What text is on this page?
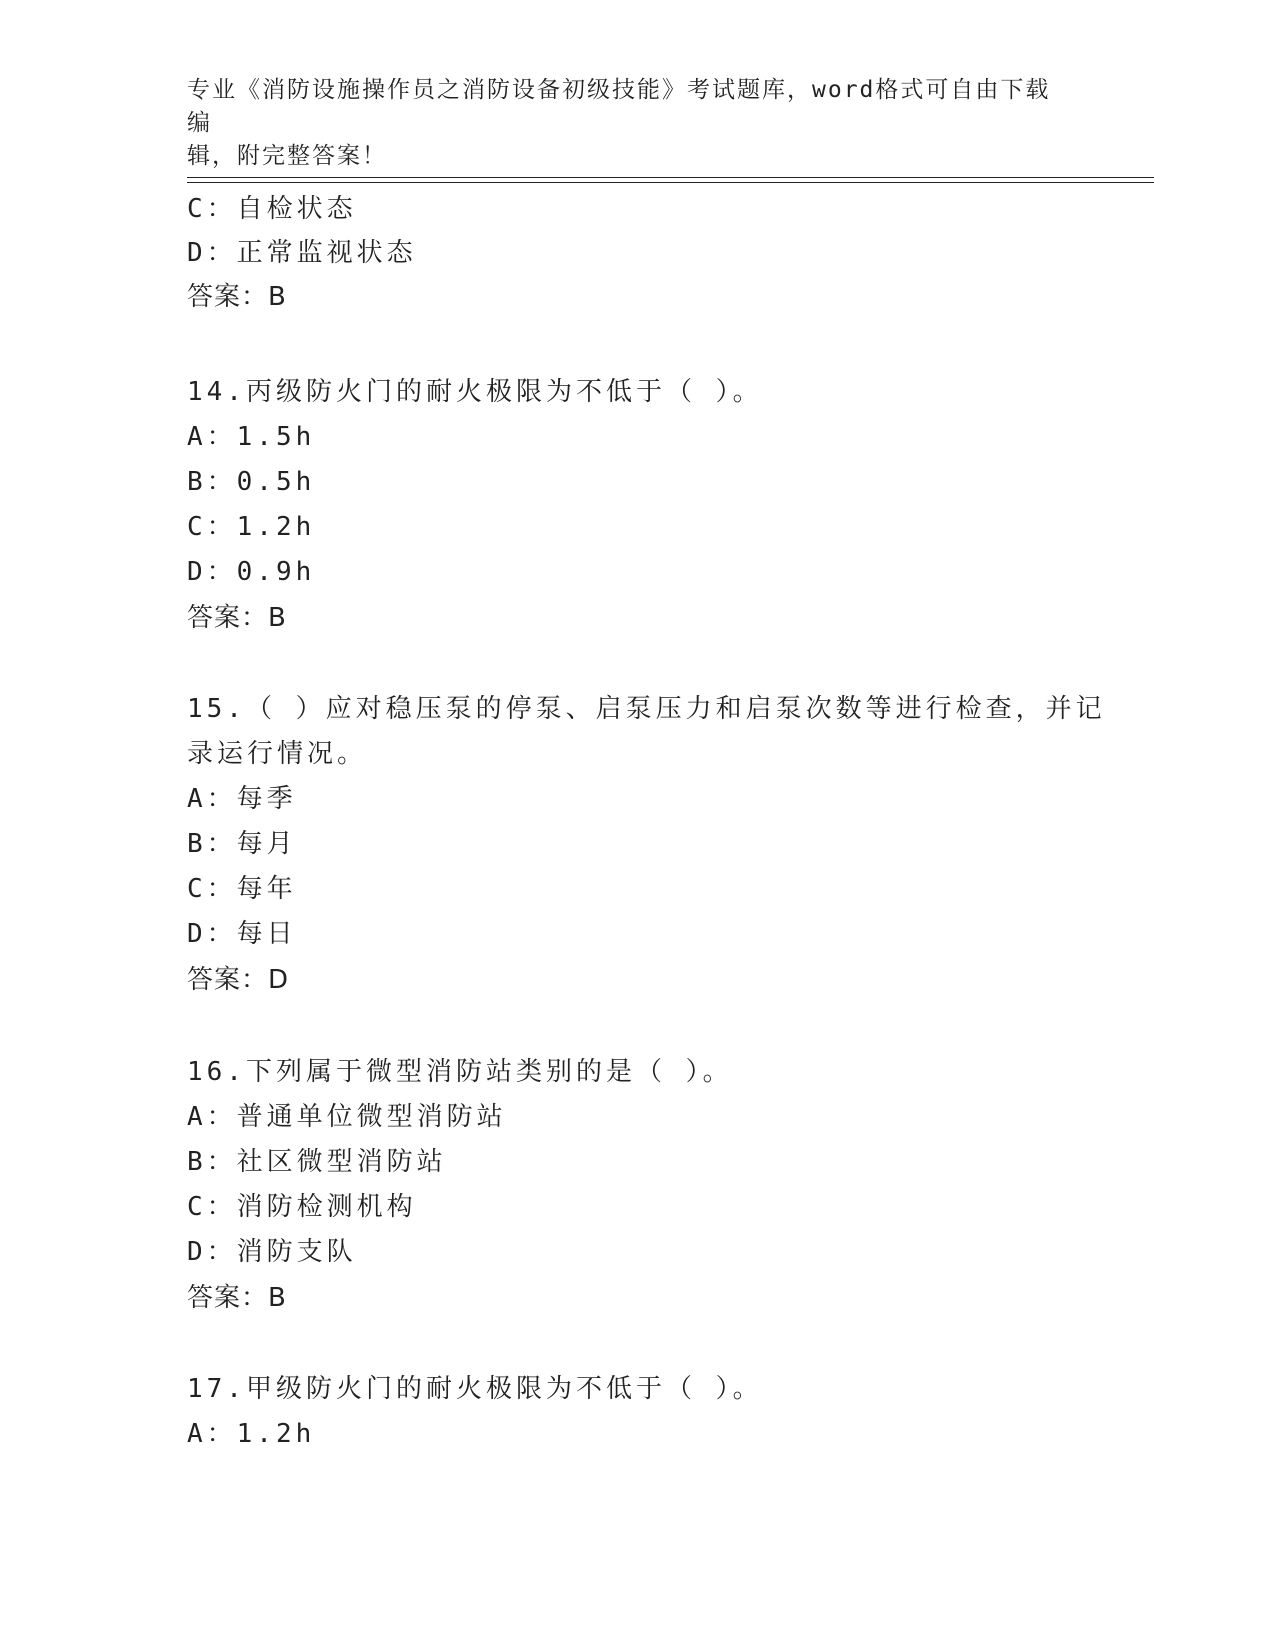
专业《消防设施操作员之消防设备初级技能》考试题库，word格式可自由下载编
辑，附完整答案！
C：自检状态
D：正常监视状态
答案：B
14.丙级防火门的耐火极限为不低于（ ）。
A：1.5h
B：0.5h
C：1.2h
D：0.9h
答案：B
15.（ ）应对稳压泵的停泵、启泵压力和启泵次数等进行检查，并记
录运行情况。
A：每季
B：每月
C：每年
D：每日
答案：D
16.下列属于微型消防站类别的是（ ）。
A：普通单位微型消防站
B：社区微型消防站
C：消防检测机构
D：消防支队
答案：B
17.甲级防火门的耐火极限为不低于（ ）。
A：1.2h
